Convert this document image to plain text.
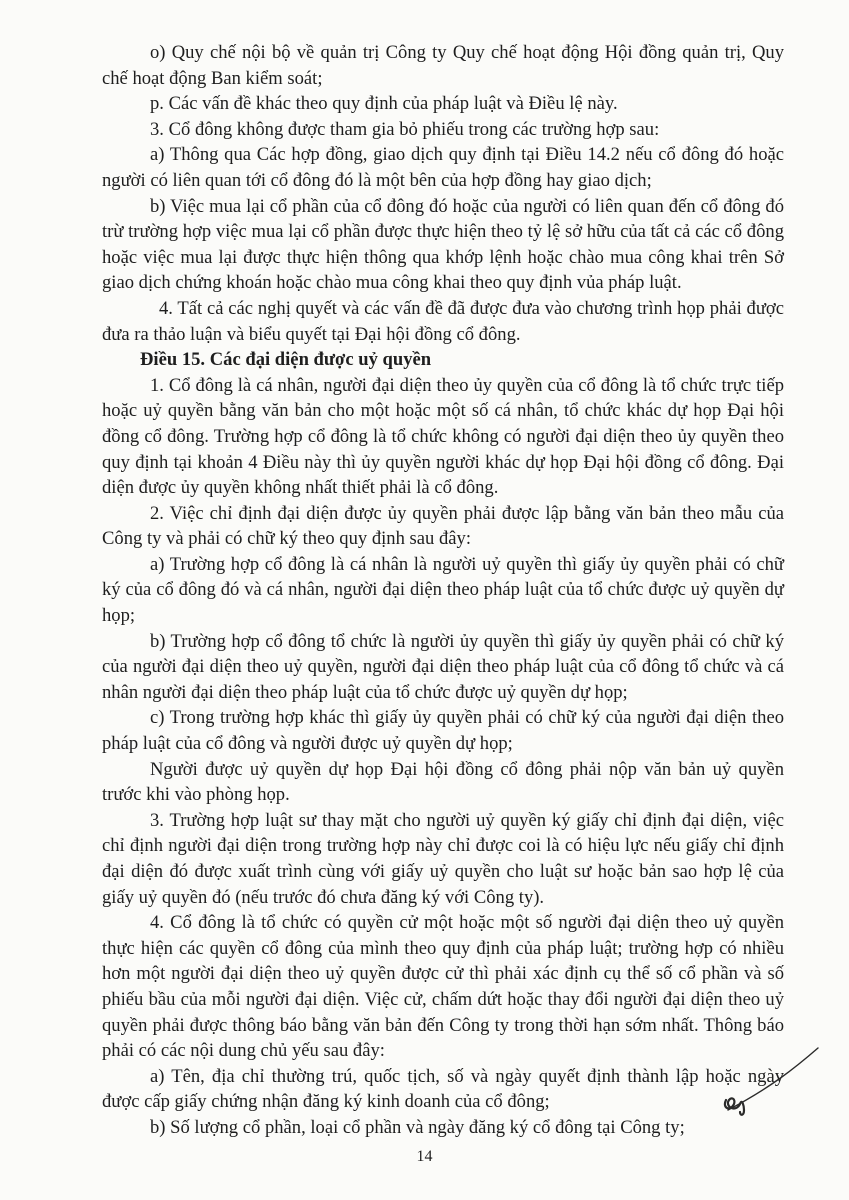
o) Quy chế nội bộ về quản trị Công ty Quy chế hoạt động Hội đồng quản trị, Quy chế hoạt động Ban kiểm soát;

p. Các vấn đề khác theo quy định của pháp luật và Điều lệ này.

3. Cổ đông không được tham gia bỏ phiếu trong các trường hợp sau:

a) Thông qua Các hợp đồng, giao dịch quy định tại Điều 14.2 nếu cổ đông đó hoặc người có liên quan tới cổ đông đó là một bên của hợp đồng hay giao dịch;

b) Việc mua lại cổ phần của cổ đông đó hoặc của người có liên quan đến cổ đông đó trừ trường hợp việc mua lại cổ phần được thực hiện theo tỷ lệ sở hữu của tất cả các cổ đông hoặc việc mua lại được thực hiện thông qua khớp lệnh hoặc chào mua công khai trên Sở giao dịch chứng khoán hoặc chào mua công khai theo quy định vủa pháp luật.

4. Tất cả các nghị quyết và các vấn đề đã được đưa vào chương trình họp phải được đưa ra thảo luận và biểu quyết tại Đại hội đồng cổ đông.

Điều 15. Các đại diện được uỷ quyền

1. Cổ đông là cá nhân, người đại diện theo ủy quyền của cổ đông là tổ chức trực tiếp hoặc uỷ quyền bằng văn bản cho một hoặc một số cá nhân, tổ chức khác dự họp Đại hội đồng cổ đông. Trường hợp cổ đông là tổ chức không có người đại diện theo ủy quyền theo quy định tại khoản 4 Điều này thì ủy quyền người khác dự họp Đại hội đồng cổ đông. Đại diện được ủy quyền không nhất thiết phải là cổ đông.

2. Việc chỉ định đại diện được ủy quyền phải được lập bằng văn bản theo mẫu của Công ty và phải có chữ ký theo quy định sau đây:

a) Trường hợp cổ đông là cá nhân là người uỷ quyền thì giấy ủy quyền phải có chữ ký của cổ đông đó và cá nhân, người đại diện theo pháp luật của tổ chức được uỷ quyền dự họp;

b) Trường hợp cổ đông tổ chức là người ủy quyền thì giấy ủy quyền phải có chữ ký của người đại diện theo uỷ quyền, người đại diện theo pháp luật của cổ đông tổ chức và cá nhân người đại diện theo pháp luật của tổ chức được uỷ quyền dự họp;

c) Trong trường hợp khác thì giấy ủy quyền phải có chữ ký của người đại diện theo pháp luật của cổ đông và người được uỷ quyền dự họp;

Người được uỷ quyền dự họp Đại hội đồng cổ đông phải nộp văn bản uỷ quyền trước khi vào phòng họp.

3. Trường hợp luật sư thay mặt cho người uỷ quyền ký giấy chỉ định đại diện, việc chỉ định người đại diện trong trường hợp này chỉ được coi là có hiệu lực nếu giấy chỉ định đại diện đó được xuất trình cùng với giấy uỷ quyền cho luật sư hoặc bản sao hợp lệ của giấy uỷ quyền đó (nếu trước đó chưa đăng ký với Công ty).

4. Cổ đông là tổ chức có quyền cử một hoặc một số người đại diện theo uỷ quyền thực hiện các quyền cổ đông của mình theo quy định của pháp luật; trường hợp có nhiều hơn một người đại diện theo uỷ quyền được cử thì phải xác định cụ thể số cổ phần và số phiếu bầu của mỗi người đại diện. Việc cử, chấm dứt hoặc thay đổi người đại diện theo uỷ quyền phải được thông báo bằng văn bản đến Công ty trong thời hạn sớm nhất. Thông báo phải có các nội dung chủ yếu sau đây:

a) Tên, địa chỉ thường trú, quốc tịch, số và ngày quyết định thành lập hoặc ngày được cấp giấy chứng nhận đăng ký kinh doanh của cổ đông;

b) Số lượng cổ phần, loại cổ phần và ngày đăng ký cổ đông tại Công ty;

14
